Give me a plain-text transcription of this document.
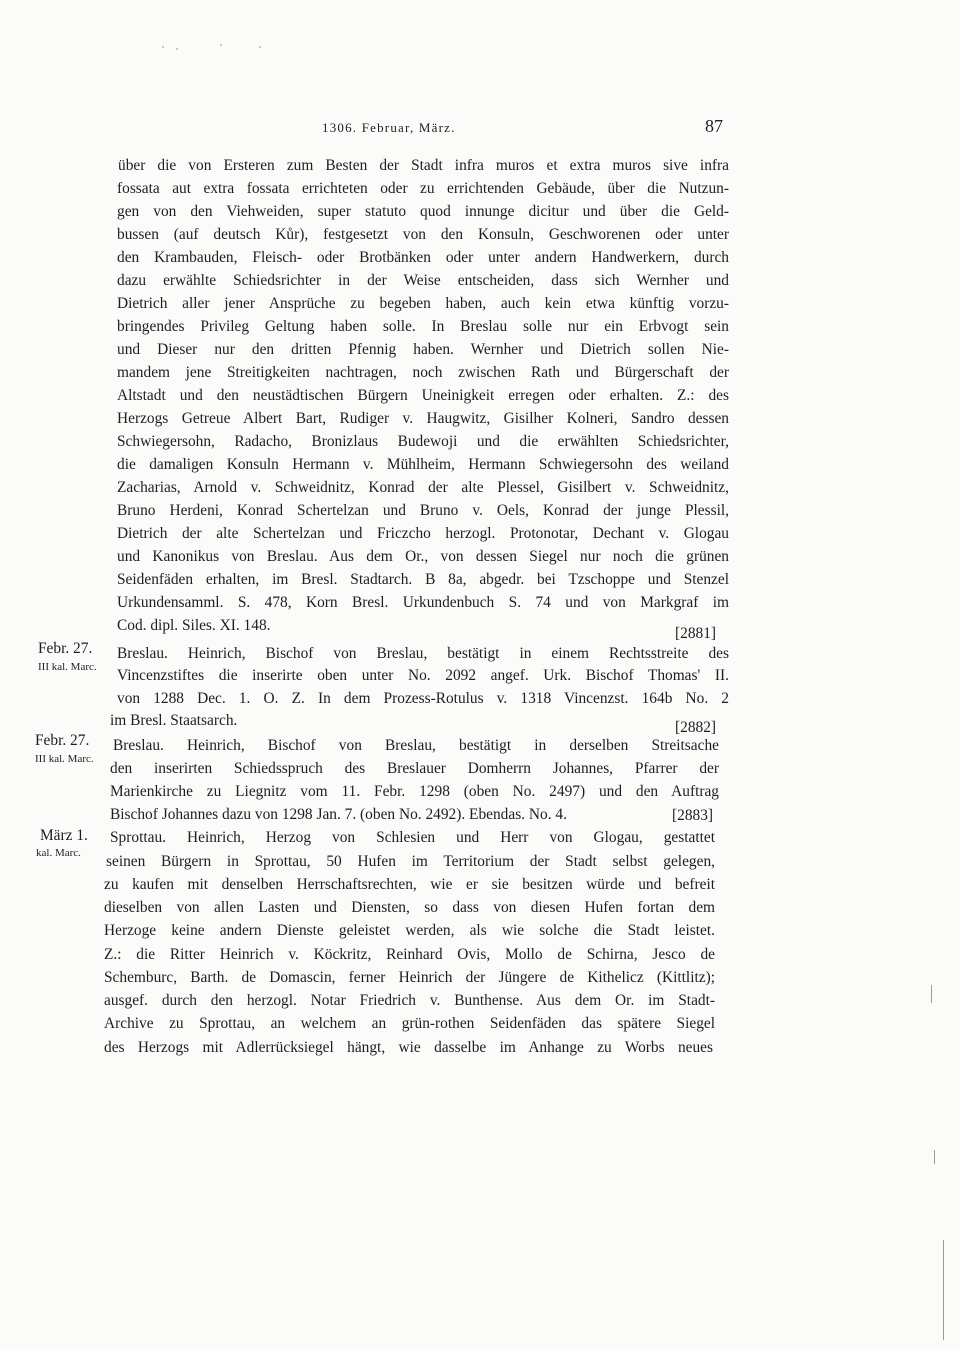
1306. Februar, März.	87
über die von Ersteren zum Besten der Stadt infra muros et extra muros sive infra
fossata aut extra fossata errichteten oder zu errichtenden Gebäude, über die Nutzun-
gen von den Viehweiden, super statuto quod innunge dicitur und über die Geld-
bussen (auf deutsch Kůr), festgesetzt von den Konsuln, Geschworenen oder unter
den Krambauden, Fleisch- oder Brotbänken oder unter andern Handwerkern, durch
dazu erwählte Schiedsrichter in der Weise entscheiden, dass sich Wernher und
Dietrich aller jener Ansprüche zu begeben haben, auch kein etwa künftig vorzu-
bringendes Privileg Geltung haben solle. In Breslau solle nur ein Erbvogt sein
und Dieser nur den dritten Pfennig haben. Wernher und Dietrich sollen Nie-
mandem jene Streitigkeiten nachtragen, noch zwischen Rath und Bürgerschaft der
Altstadt und den neustädtischen Bürgern Uneinigkeit erregen oder erhalten. Z.: des
Herzogs Getreue Albert Bart, Rudiger v. Haugwitz, Gisilher Kolneri, Sandro dessen
Schwiegersohn, Radacho, Bronizlaus Budewoji und die erwählten Schiedsrichter,
die damaligen Konsuln Hermann v. Mühlheim, Hermann Schwiegersohn des weiland
Zacharias, Arnold v. Schweidnitz, Konrad der alte Plessel, Gisilbert v. Schweidnitz,
Bruno Herdeni, Konrad Schertelzan und Bruno v. Oels, Konrad der junge Plessil,
Dietrich der alte Schertelzan und Friczcho herzogl. Protonotar, Dechant v. Glogau
und Kanonikus von Breslau. Aus dem Or., von dessen Siegel nur noch die grünen
Seidenfäden erhalten, im Bresl. Stadtarch. B 8a, abgedr. bei Tzschoppe und Stenzel
Urkundensamml. S. 478, Korn Bresl. Urkundenbuch S. 74 und von Markgraf im
Cod. dipl. Siles. XI. 148.	[2881]
Febr. 27.
III kal. Marc.
Breslau. Heinrich, Bischof von Breslau, bestätigt in einem Rechtsstreite des
Vincenzstiftes die inserirte oben unter No. 2092 angef. Urk. Bischof Thomas' II.
von 1288 Dec. 1. O. Z. In dem Prozess-Rotulus v. 1318 Vincenzst. 164b No. 2
im Bresl. Staatsarch.	[2882]
Febr. 27.
III kal. Marc.
Breslau. Heinrich, Bischof von Breslau, bestätigt in derselben Streitsache
den inserirten Schiedsspruch des Breslauer Domherrn Johannes, Pfarrer der
Marienkirche zu Liegnitz vom 11. Febr. 1298 (oben No. 2497) und den Auftrag
Bischof Johannes dazu von 1298 Jan. 7. (oben No. 2492). Ebendas. No. 4.	[2883]
März 1.
kal. Marc.
Sprottau. Heinrich, Herzog von Schlesien und Herr von Glogau, gestattet
seinen Bürgern in Sprottau, 50 Hufen im Territorium der Stadt selbst gelegen,
zu kaufen mit denselben Herrschaftsrechten, wie er sie besitzen würde und befreit
dieselben von allen Lasten und Diensten, so dass von diesen Hufen fortan dem
Herzoge keine andern Dienste geleistet werden, als wie solche die Stadt leistet.
Z.: die Ritter Heinrich v. Köckritz, Reinhard Ovis, Mollo de Schirna, Jesco de
Schemburc, Barth. de Domascin, ferner Heinrich der Jüngere de Kithelicz (Kittlitz);
ausgef. durch den herzogl. Notar Friedrich v. Bunthense. Aus dem Or. im Stadt-
Archive zu Sprottau, an welchem an grün-rothen Seidenfäden das spätere Siegel
des Herzogs mit Adlerrücksiegel hängt, wie dasselbe im Anhange zu Worbs neues
